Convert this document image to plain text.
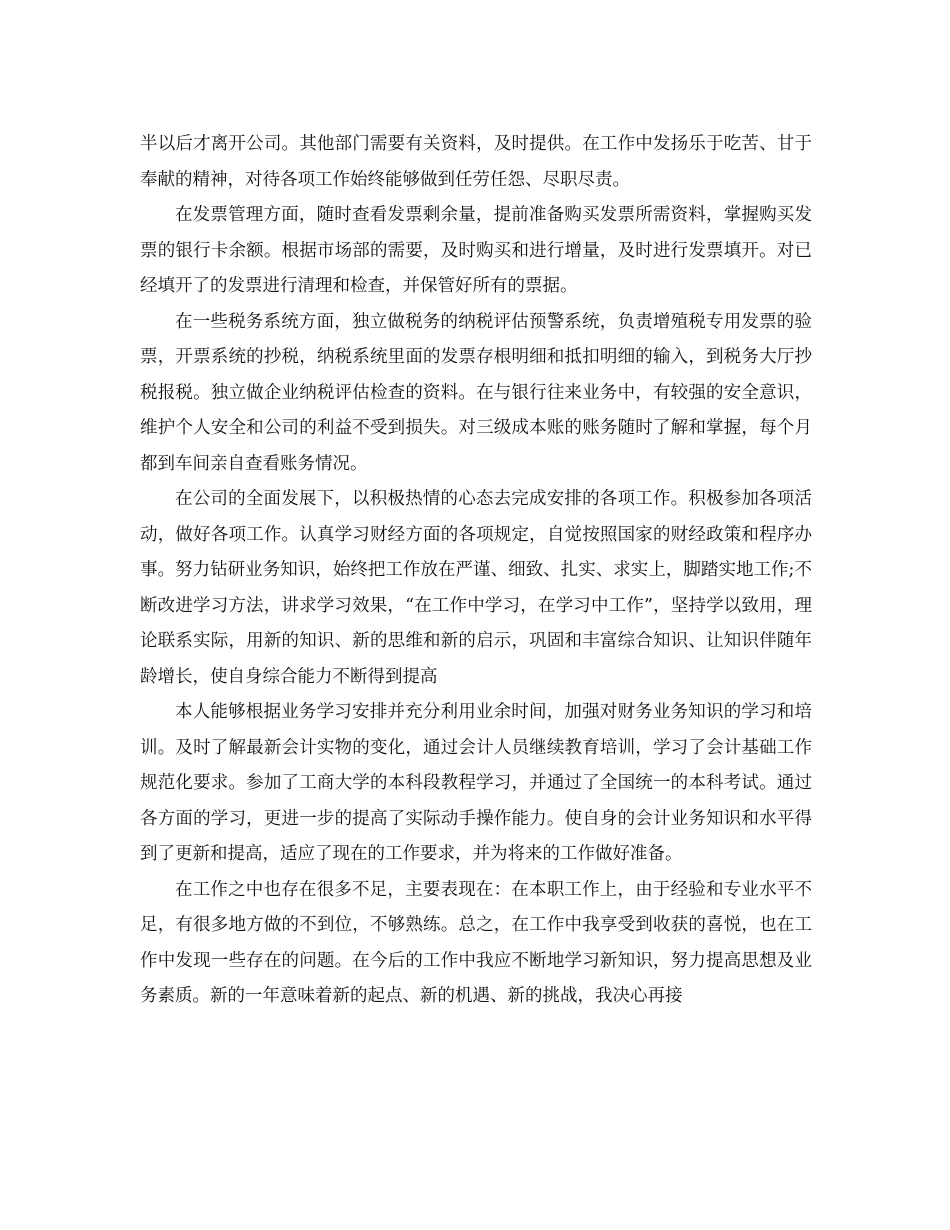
半以后才离开公司。其他部门需要有关资料，及时提供。在工作中发扬乐于吃苦、甘于奉献的精神，对待各项工作始终能够做到任劳任怨、尽职尽责。

在发票管理方面，随时查看发票剩余量，提前准备购买发票所需资料，掌握购买发票的银行卡余额。根据市场部的需要，及时购买和进行增量，及时进行发票填开。对已经填开了的发票进行清理和检查，并保管好所有的票据。

在一些税务系统方面，独立做税务的纳税评估预警系统，负责增殖税专用发票的验票，开票系统的抄税，纳税系统里面的发票存根明细和抵扣明细的输入，到税务大厅抄税报税。独立做企业纳税评估检查的资料。在与银行往来业务中，有较强的安全意识，维护个人安全和公司的利益不受到损失。对三级成本账的账务随时了解和掌握，每个月都到车间亲自查看账务情况。

在公司的全面发展下，以积极热情的心态去完成安排的各项工作。积极参加各项活动，做好各项工作。认真学习财经方面的各项规定，自觉按照国家的财经政策和程序办事。努力钻研业务知识，始终把工作放在严谨、细致、扎实、求实上，脚踏实地工作;不断改进学习方法，讲求学习效果，“在工作中学习，在学习中工作”，坚持学以致用，理论联系实际，用新的知识、新的思维和新的启示，巩固和丰富综合知识、让知识伴随年龄增长，使自身综合能力不断得到提高

本人能够根据业务学习安排并充分利用业余时间，加强对财务业务知识的学习和培训。及时了解最新会计实物的变化，通过会计人员继续教育培训，学习了会计基础工作规范化要求。参加了工商大学的本科段教程学习，并通过了全国统一的本科考试。通过各方面的学习，更进一步的提高了实际动手操作能力。使自身的会计业务知识和水平得到了更新和提高，适应了现在的工作要求，并为将来的工作做好准备。

在工作之中也存在很多不足，主要表现在：在本职工作上，由于经验和专业水平不足，有很多地方做的不到位，不够熟练。总之，在工作中我享受到收获的喜悦，也在工作中发现一些存在的问题。在今后的工作中我应不断地学习新知识，努力提高思想及业务素质。新的一年意味着新的起点、新的机遇、新的挑战，我决心再接
